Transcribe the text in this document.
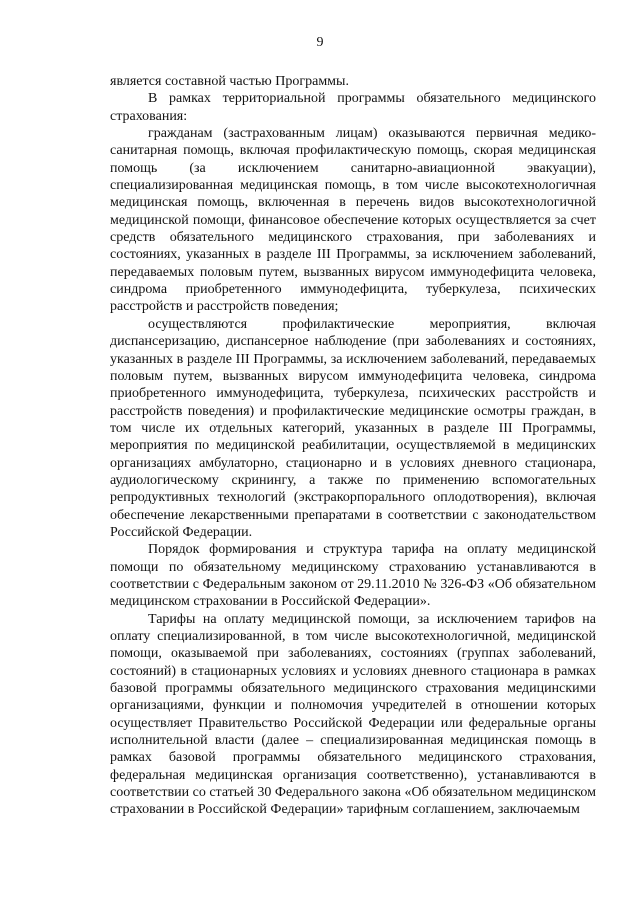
9

является составной частью Программы.

В рамках территориальной программы обязательного медицинского страхования:

гражданам (застрахованным лицам) оказываются первичная медико-санитарная помощь, включая профилактическую помощь, скорая медицинская помощь (за исключением санитарно-авиационной эвакуации), специализированная медицинская помощь, в том числе высокотехнологичная медицинская помощь, включенная в перечень видов высокотехнологичной медицинской помощи, финансовое обеспечение которых осуществляется за счет средств обязательного медицинского страхования, при заболеваниях и состояниях, указанных в разделе III Программы, за исключением заболеваний, передаваемых половым путем, вызванных вирусом иммунодефицита человека, синдрома приобретенного иммунодефицита, туберкулеза, психических расстройств и расстройств поведения;

осуществляются профилактические мероприятия, включая диспансеризацию, диспансерное наблюдение (при заболеваниях и состояниях, указанных в разделе III Программы, за исключением заболеваний, передаваемых половым путем, вызванных вирусом иммунодефицита человека, синдрома приобретенного иммунодефицита, туберкулеза, психических расстройств и расстройств поведения) и профилактические медицинские осмотры граждан, в том числе их отдельных категорий, указанных в разделе III Программы, мероприятия по медицинской реабилитации, осуществляемой в медицинских организациях амбулаторно, стационарно и в условиях дневного стационара, аудиологическому скринингу, а также по применению вспомогательных репродуктивных технологий (экстракорпорального оплодотворения), включая обеспечение лекарственными препаратами в соответствии с законодательством Российской Федерации.

Порядок формирования и структура тарифа на оплату медицинской помощи по обязательному медицинскому страхованию устанавливаются в соответствии с Федеральным законом от 29.11.2010 № 326-ФЗ «Об обязательном медицинском страховании в Российской Федерации».

Тарифы на оплату медицинской помощи, за исключением тарифов на оплату специализированной, в том числе высокотехнологичной, медицинской помощи, оказываемой при заболеваниях, состояниях (группах заболеваний, состояний) в стационарных условиях и условиях дневного стационара в рамках базовой программы обязательного медицинского страхования медицинскими организациями, функции и полномочия учредителей в отношении которых осуществляет Правительство Российской Федерации или федеральные органы исполнительной власти (далее – специализированная медицинская помощь в рамках базовой программы обязательного медицинского страхования, федеральная медицинская организация соответственно), устанавливаются в соответствии со статьей 30 Федерального закона «Об обязательном медицинском страховании в Российской Федерации» тарифным соглашением, заключаемым
